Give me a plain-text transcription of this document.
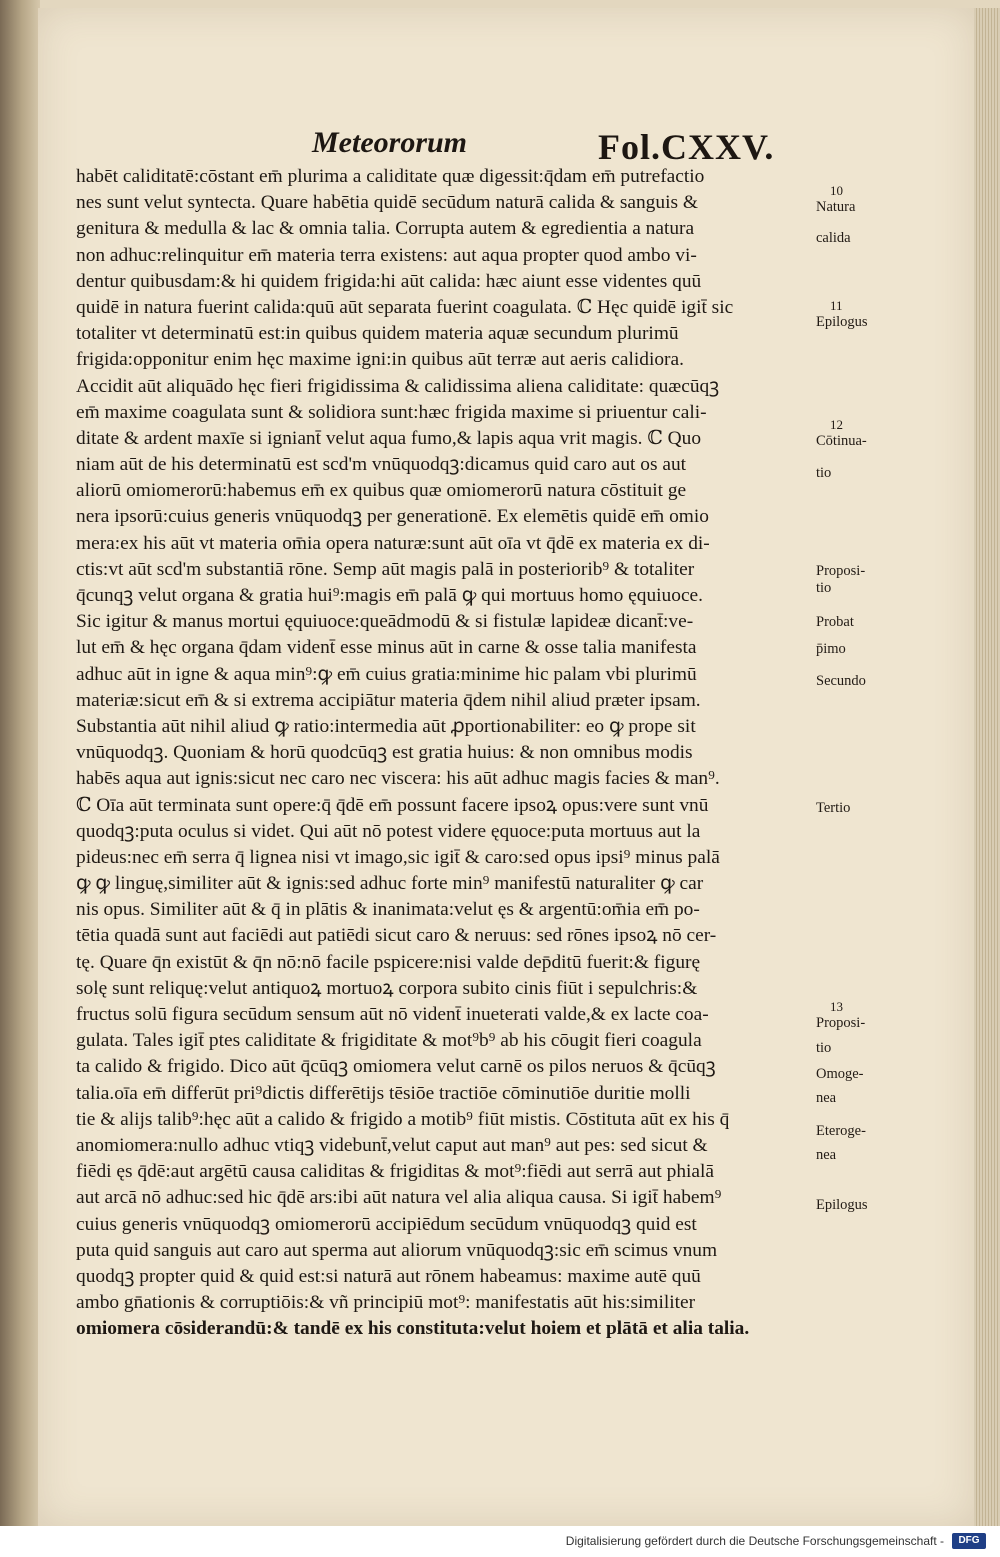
Meteororum	Fol.CXXV.
habēt caliditatē:cōstant em̄ plurima a caliditate quæ digessit:q̄dam em̄ putrefactio
nes sunt velut syntecta. Quare habētia quidē secūdum naturā calida & sanguis &
genitura & medulla & lac & omnia talia. Corrupta autem & egredientia a natura
non adhuc:relinquitur em̄ materia terra existens: aut aqua propter quod ambo vi-
dentur quibusdam:& hi quidem frigida:hi aūt calida: hæc aiunt esse videntes quū
quidē in natura fuerint calida:quū aūt separata fuerint coagulata. ℂ Hęc quidē igit̄ sic
totaliter vt determinatū est:in quibus quidem materia aquæ secundum plurimū
frigida:opponitur enim hęc maxime igni:in quibus aūt terræ aut aeris calidiora.
Accidit aūt aliquādo hęc fieri frigidissima & calidissima aliena caliditate: quæcūqꝫ
em̄ maxime coagulata sunt & solidiora sunt:hæc frigida maxime si priuentur cali-
ditate & ardent maxīe si igniant̄ velut aqua fumo,& lapis aqua vrit magis. ℂ Quo
niam aūt de his determinatū est scd'm vnūquodqꝫ:dicamus quid caro aut os aut
aliorū omiomerorū:habemus em̄ ex quibus quæ omiomerorū natura cōstituit ge
nera ipsorū:cuius generis vnūquodqꝫ per generationē. Ex elemētis quidē em̄ omio
mera:ex his aūt vt materia om̄ia opera naturæ:sunt aūt oīa vt q̄dē ex materia ex di-
ctis:vt aūt scd'm substantiā rōne. Semp aūt magis palā in posteriorib⁹ & totaliter
q̄cunqꝫ velut organa & gratia hui⁹:magis em̄ palā ꝙ qui mortuus homo ęquiuoce.
Sic igitur & manus mortui ęquiuoce:queādmodū & si fistulæ lapideæ dicant̄:ve-
lut em̄ & hęc organa q̄dam vident̄ esse minus aūt in carne & osse talia manifesta
adhuc aūt in igne & aqua min⁹:ꝙ em̄ cuius gratia:minime hic palam vbi plurimū
materiæ:sicut em̄ & si extrema accipiātur materia q̄dem nihil aliud præter ipsam.
Substantia aūt nihil aliud ꝙ ratio:intermedia aūt ꝓportionabiliter: eo ꝙ prope sit
vnūquodqꝫ. Quoniam & horū quodcūqꝫ est gratia huius: & non omnibus modis
habēs aqua aut ignis:sicut nec caro nec viscera: his aūt adhuc magis facies & man⁹.
ℂ Oīa aūt terminata sunt opere:q̄ q̄dē em̄ possunt facere ipsoꝝ opus:vere sunt vnū
quodqꝫ:puta oculus si videt. Qui aūt nō potest videre ęquoce:puta mortuus aut la
pideus:nec em̄ serra q̄ lignea nisi vt imago,sic igit̄ & caro:sed opus ipsi⁹ minus palā
ꝙ ꝙ linguę,similiter aūt & ignis:sed adhuc forte min⁹ manifestū naturaliter ꝙ car
nis opus. Similiter aūt & q̄ in plātis & inanimata:velut ęs & argentū:om̄ia em̄ po-
tētia quadā sunt aut faciēdi aut patiēdi sicut caro & neruus: sed rōnes ipsoꝝ nō cer-
tę. Quare q̄n existūt & q̄n nō:nō facile pspicere:nisi valde dep̄ditū fuerit:& figurę
solę sunt reliquę:velut antiquoꝝ mortuoꝝ corpora subito cinis fiūt i sepulchris:&
fructus solū figura secūdum sensum aūt nō vident̄ inueterati valde,& ex lacte coa-
gulata. Tales igit̄ ptes caliditate & frigiditate & mot⁹b⁹ ab his cōugit fieri coagula
ta calido & frigido. Dico aūt q̄cūqꝫ omiomera velut carnē os pilos neruos & q̄cūqꝫ
talia.oīa em̄ differūt pri⁹dictis differētijs tēsiōe tractiōe cōminutiōe duritie molli
tie & alijs talib⁹:hęc aūt a calido & frigido a motib⁹ fiūt mistis. Cōstituta aūt ex his q̄
anomiomera:nullo adhuc vtiqꝫ videbunt̄,velut caput aut man⁹ aut pes: sed sicut &
fiēdi ęs q̄dē:aut argētū causa caliditas & frigiditas & mot⁹:fiēdi aut serrā aut phialā
aut arcā nō adhuc:sed hic q̄dē ars:ibi aūt natura vel alia aliqua causa. Si igit̄ habem⁹
cuius generis vnūquodqꝫ omiomerorū accipiēdum secūdum vnūquodqꝫ quid est
puta quid sanguis aut caro aut sperma aut aliorum vnūquodqꝫ:sic em̄ scimus vnum
quodqꝫ propter quid & quid est:si naturā aut rōnem habeamus: maxime autē quū
ambo gn̄ationis & corruptiōis:& vñ principiū mot⁹: manifestatis aūt his:similiter
omiomera cōsiderandū:& tandē ex his constituta:velut hoiem et plātā et alia talia.
10
Natura
calida
11
Epilogus
12
Cōtinua-
tio
Proposi-
tio
Probat
p̄imo
Secundo
Tertio
13
Proposi-
tio
Omoge-
nea
Eteroge-
nea
Epilogus
Digitalisierung gefördert durch die Deutsche Forschungsgemeinschaft -	DFG
